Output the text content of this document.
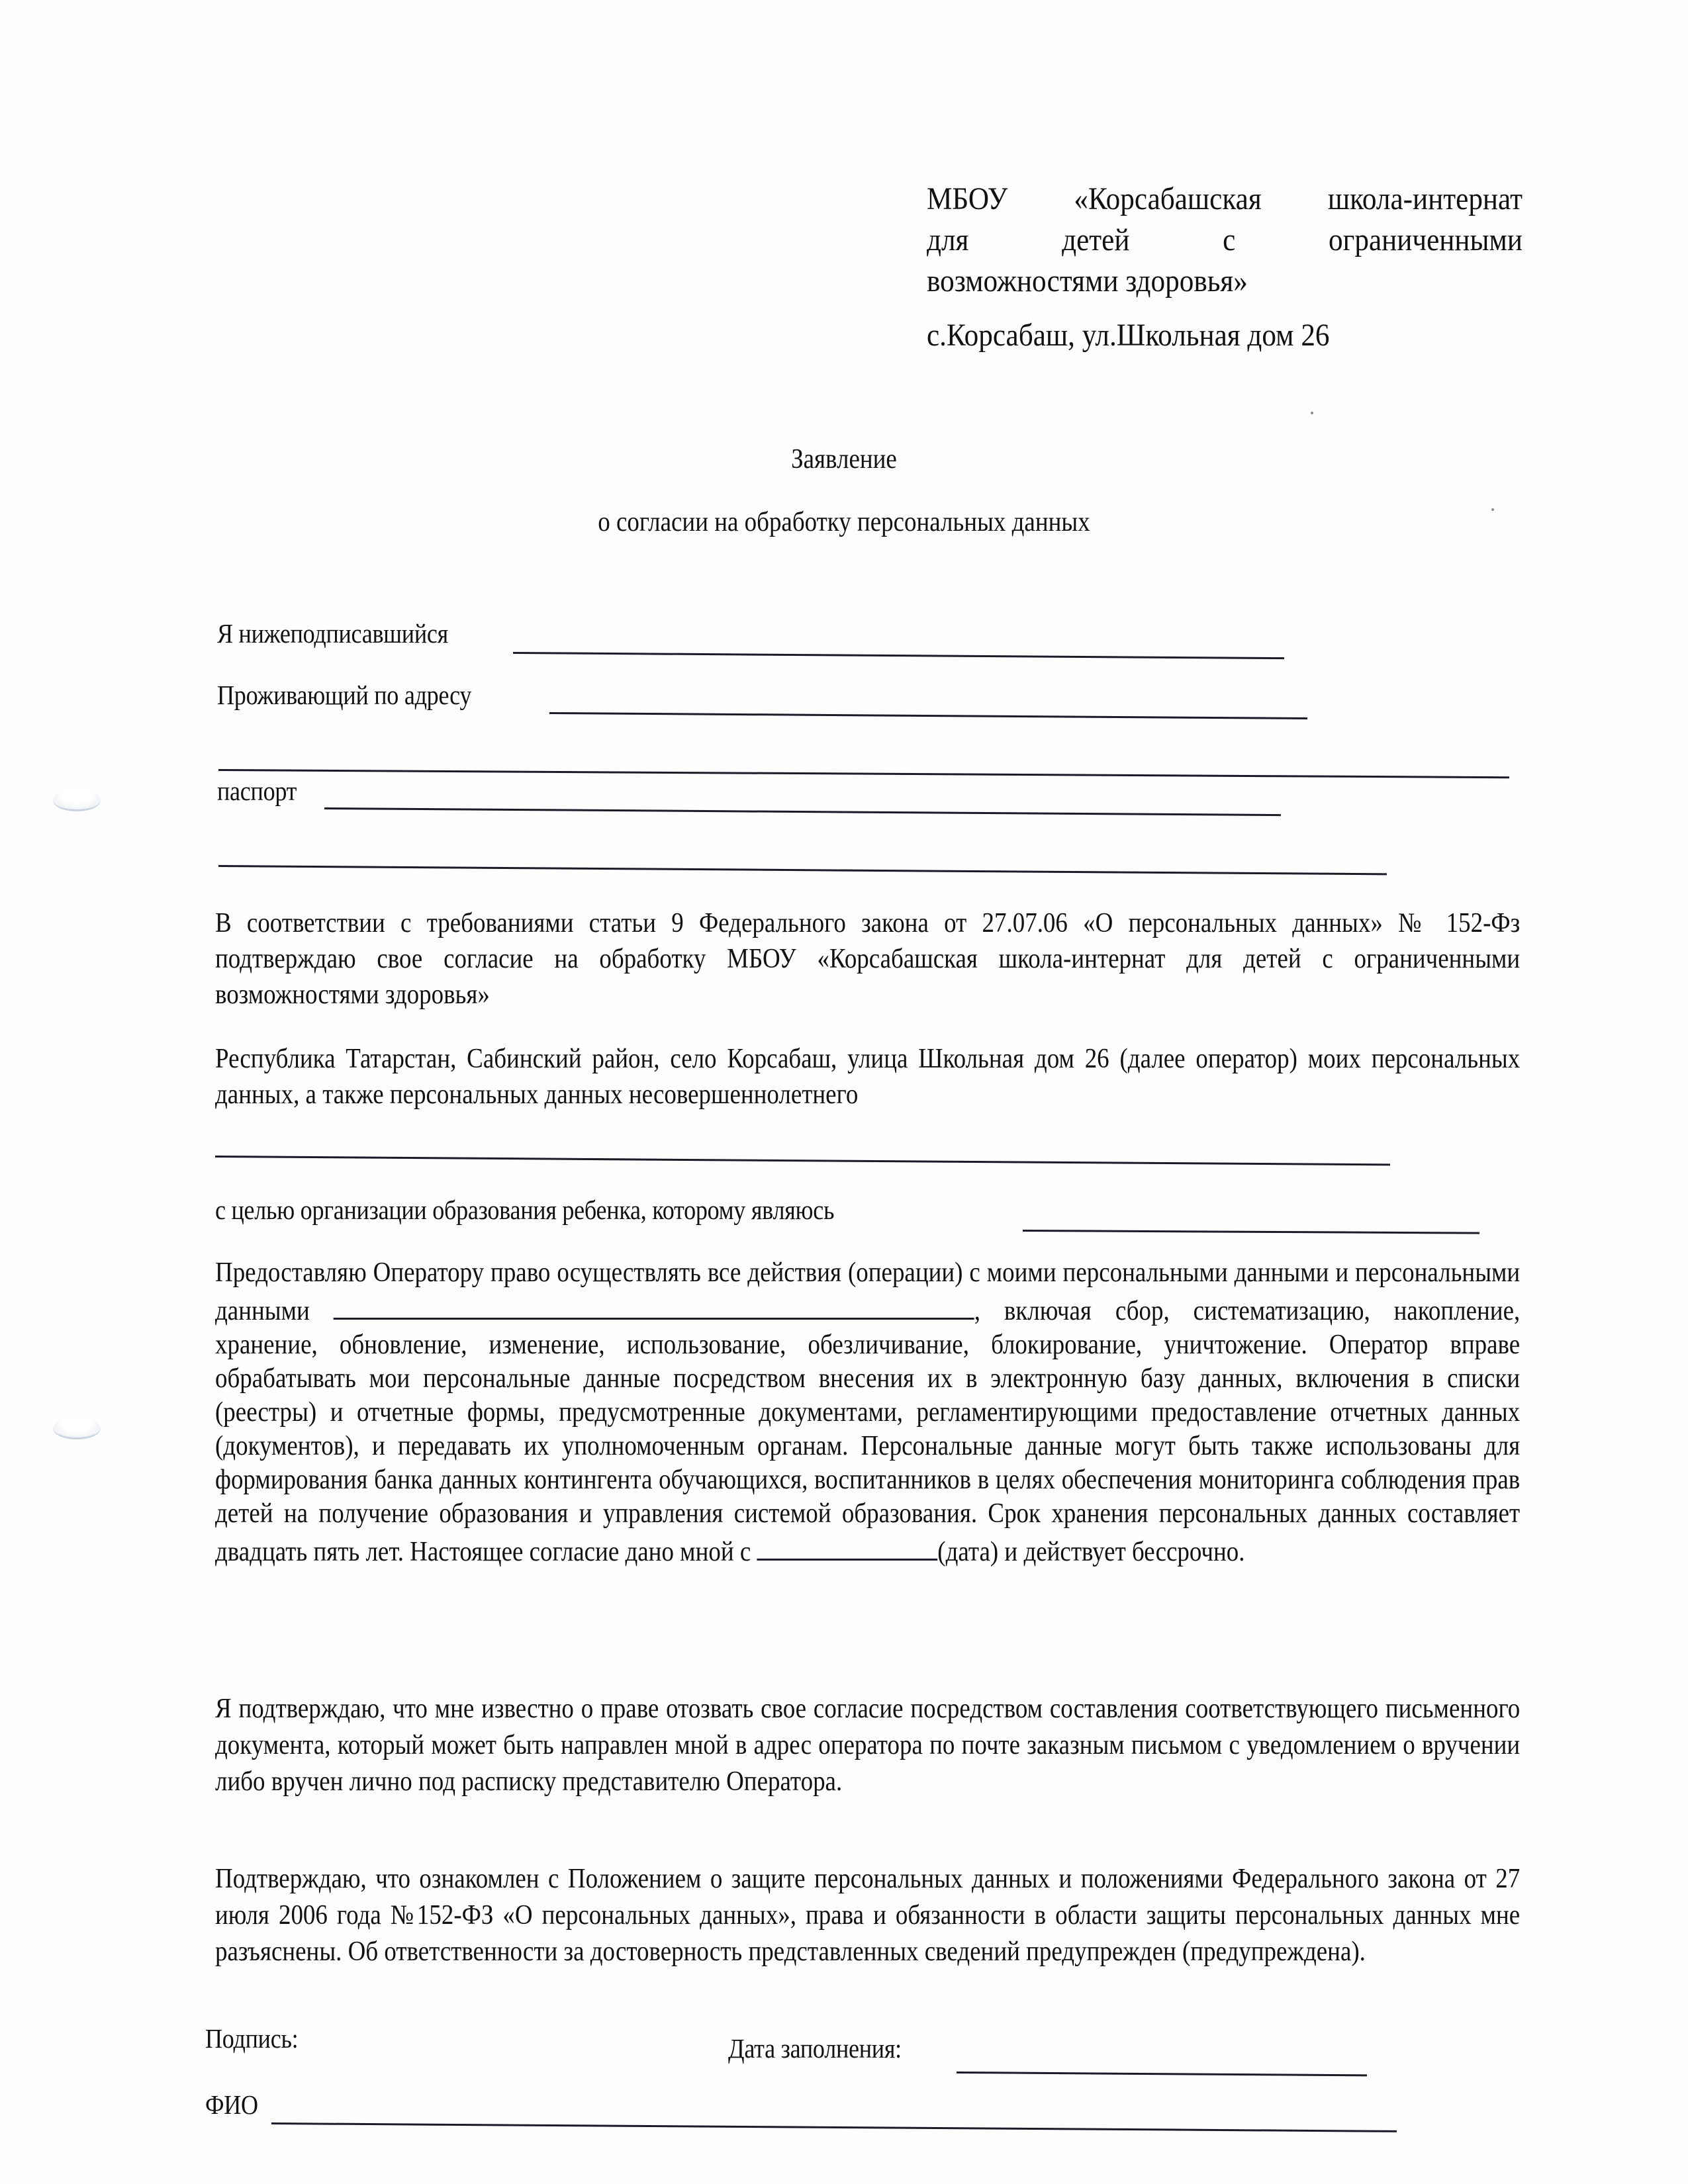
МБОУ «Корсабашская школа-интернат
для	детей	с	ограниченными
возможностями здоровья»
с.Корсабаш, ул.Школьная дом 26
Заявление
о согласии на обработку персональных данных
Я нижеподписавшийся
Проживающий по адресу
паспорт
В соответствии с требованиями статьи 9 Федерального закона от 27.07.06 «О персональных данных» № 152-Фз подтверждаю свое согласие на обработку МБОУ «Корсабашская школа-интернат для детей с ограниченными возможностями здоровья»
Республика Татарстан, Сабинский район, село Корсабаш, улица Школьная дом 26 (далее оператор) моих персональных данных, а также персональных данных несовершеннолетнего
с целью организации образования ребенка, которому являюсь
Предоставляю Оператору право осуществлять все действия (операции) с моими персональными данными и персональными данными	, включая сбор, систематизацию, накопление, хранение, обновление, изменение, использование, обезличивание, блокирование, уничтожение. Оператор вправе обрабатывать мои персональные данные посредством внесения их в электронную базу данных, включения в списки (реестры) и отчетные формы, предусмотренные документами, регламентирующими предоставление отчетных данных (документов), и передавать их уполномоченным органам. Персональные данные могут быть также использованы для формирования банка данных контингента обучающихся, воспитанников в целях обеспечения мониторинга соблюдения прав детей на получение образования и управления системой образования. Срок хранения персональных данных составляет двадцать пять лет. Настоящее согласие дано мной с	(дата) и действует бессрочно.
Я подтверждаю, что мне известно о праве отозвать свое согласие посредством составления соответствующего письменного документа, который может быть направлен мной в адрес оператора по почте заказным письмом с уведомлением о вручении либо вручен лично под расписку представителю Оператора.
Подтверждаю, что ознакомлен с Положением о защите персональных данных и положениями Федерального закона от 27 июля 2006 года №152-ФЗ «О персональных данных», права и обязанности в области защиты персональных данных мне разъяснены. Об ответственности за достоверность представленных сведений предупрежден (предупреждена).
Подпись:	Дата заполнения:
ФИО
